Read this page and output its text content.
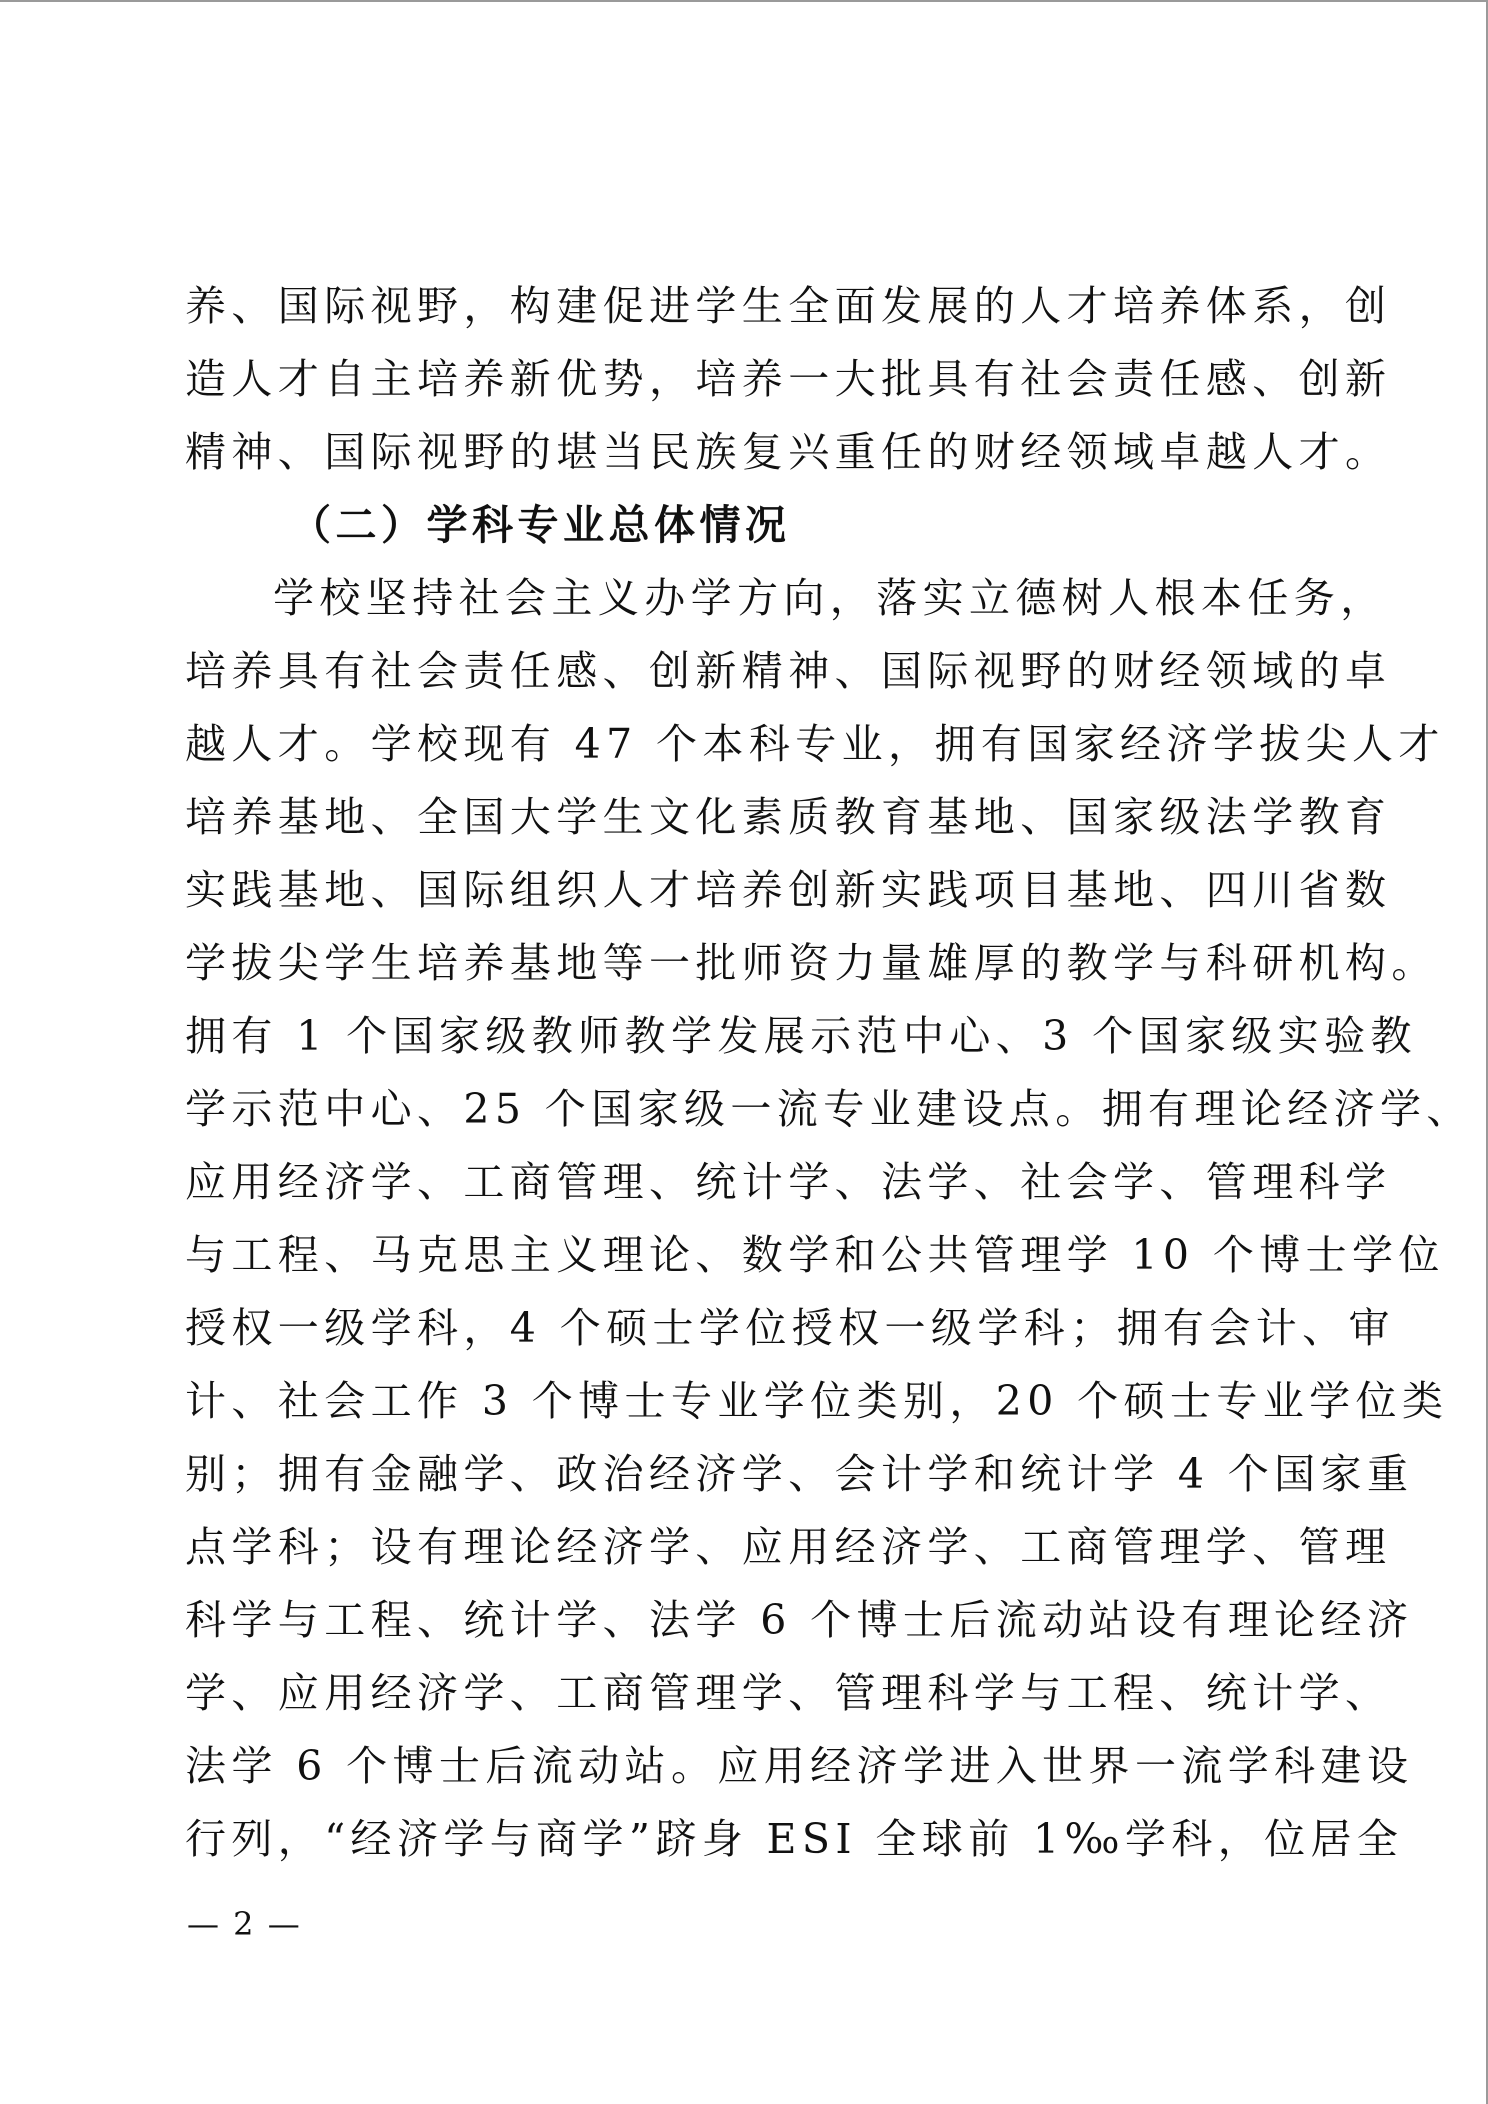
养、国际视野，构建促进学生全面发展的人才培养体系，创
造人才自主培养新优势，培养一大批具有社会责任感、创新
精神、国际视野的堪当民族复兴重任的财经领域卓越人才。
（二）学科专业总体情况
学校坚持社会主义办学方向，落实立德树人根本任务，
培养具有社会责任感、创新精神、国际视野的财经领域的卓
越人才。学校现有 47 个本科专业，拥有国家经济学拔尖人才
培养基地、全国大学生文化素质教育基地、国家级法学教育
实践基地、国际组织人才培养创新实践项目基地、四川省数
学拔尖学生培养基地等一批师资力量雄厚的教学与科研机构。
拥有 1 个国家级教师教学发展示范中心、3 个国家级实验教
学示范中心、25 个国家级一流专业建设点。拥有理论经济学、
应用经济学、工商管理、统计学、法学、社会学、管理科学
与工程、马克思主义理论、数学和公共管理学 10 个博士学位
授权一级学科，4 个硕士学位授权一级学科；拥有会计、审
计、社会工作 3 个博士专业学位类别，20 个硕士专业学位类
别；拥有金融学、政治经济学、会计学和统计学 4 个国家重
点学科；设有理论经济学、应用经济学、工商管理学、管理
科学与工程、统计学、法学 6 个博士后流动站设有理论经济
学、应用经济学、工商管理学、管理科学与工程、统计学、
法学 6 个博士后流动站。应用经济学进入世界一流学科建设
行列，“经济学与商学”跻身 ESI 全球前 1‰学科，位居全
— 2 —
